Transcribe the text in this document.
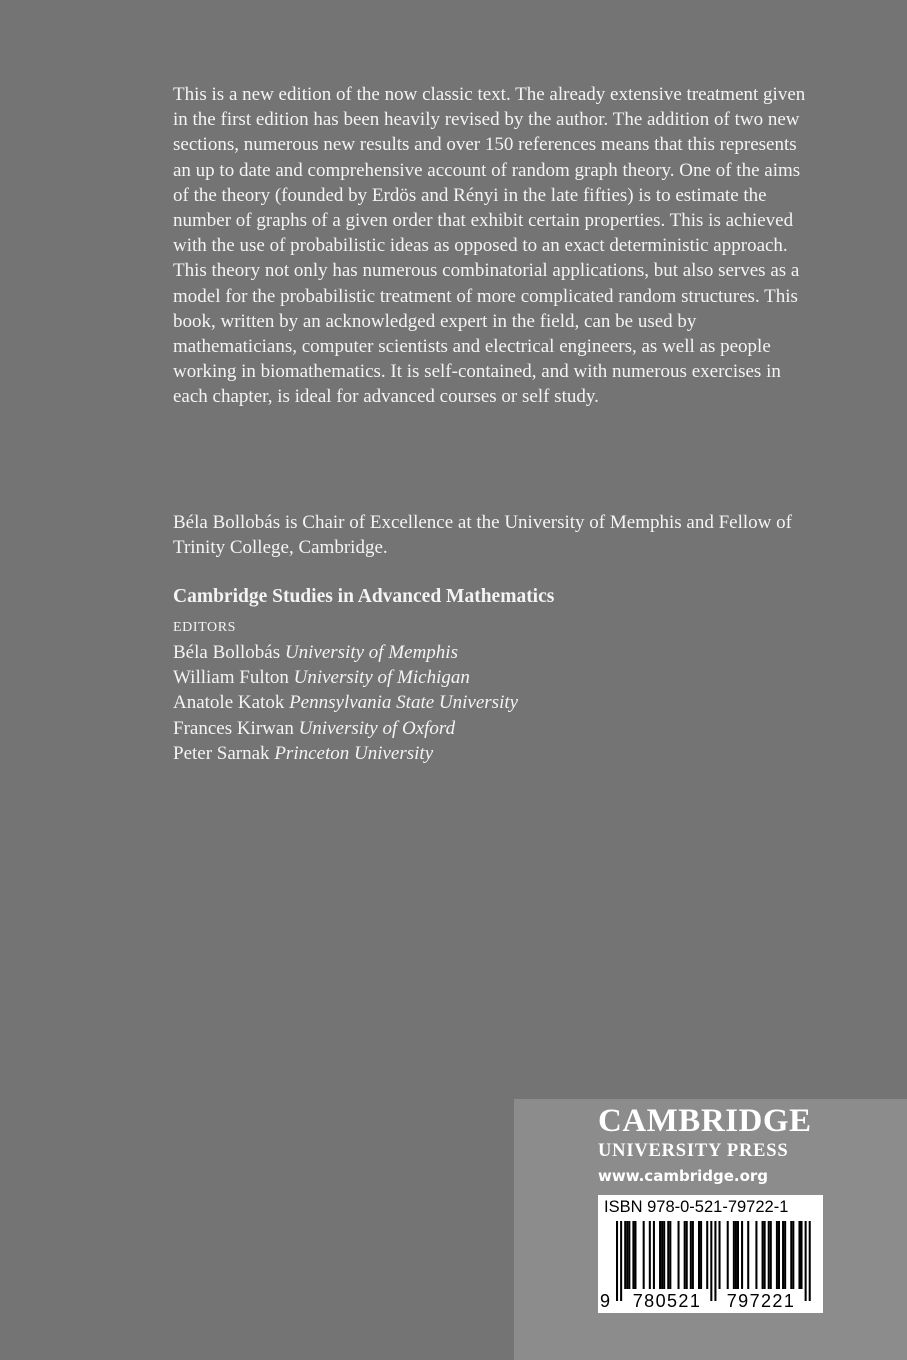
This is a new edition of the now classic text. The already extensive treatment given in the first edition has been heavily revised by the author. The addition of two new sections, numerous new results and over 150 references means that this represents an up to date and comprehensive account of random graph theory. One of the aims of the theory (founded by Erdös and Rényi in the late fifties) is to estimate the number of graphs of a given order that exhibit certain properties. This is achieved with the use of probabilistic ideas as opposed to an exact deterministic approach. This theory not only has numerous combinatorial applications, but also serves as a model for the probabilistic treatment of more complicated random structures. This book, written by an acknowledged expert in the field, can be used by mathematicians, computer scientists and electrical engineers, as well as people working in biomathematics. It is self-contained, and with numerous exercises in each chapter, is ideal for advanced courses or self study.

Béla Bollobás is Chair of Excellence at the University of Memphis and Fellow of Trinity College, Cambridge.

Cambridge Studies in Advanced Mathematics

EDITORS

Béla Bollobás University of Memphis
William Fulton University of Michigan
Anatole Katok Pennsylvania State University
Frances Kirwan University of Oxford
Peter Sarnak Princeton University

CAMBRIDGE

UNIVERSITY PRESS

www.cambridge.org

ISBN 978-0-521-79722-1

9	780521	797221
